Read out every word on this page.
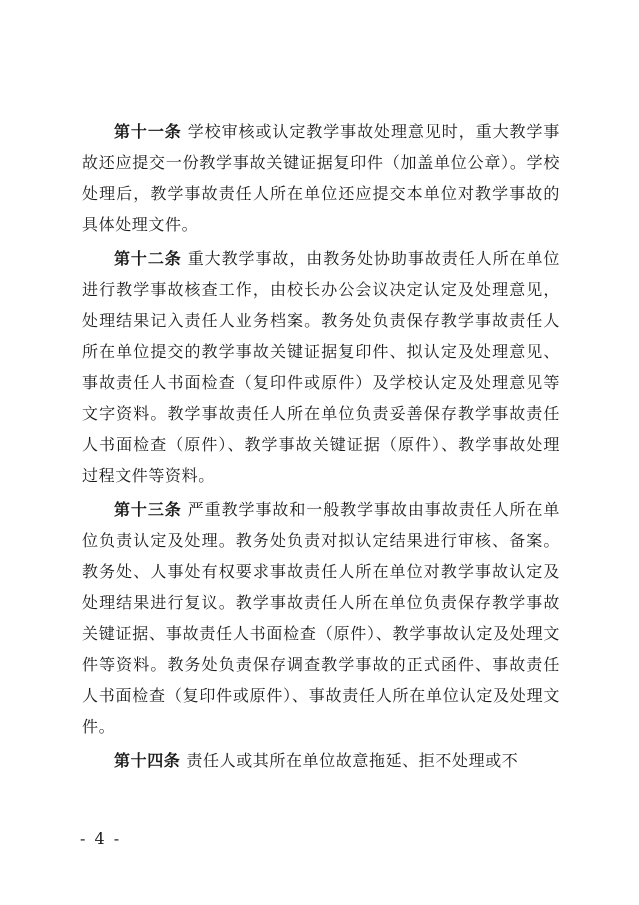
第十一条 学校审核或认定教学事故处理意见时，重大教学事故还应提交一份教学事故关键证据复印件（加盖单位公章）。学校处理后，教学事故责任人所在单位还应提交本单位对教学事故的具体处理文件。

第十二条 重大教学事故，由教务处协助事故责任人所在单位进行教学事故核查工作，由校长办公会议决定认定及处理意见，处理结果记入责任人业务档案。教务处负责保存教学事故责任人所在单位提交的教学事故关键证据复印件、拟认定及处理意见、事故责任人书面检查（复印件或原件）及学校认定及处理意见等文字资料。教学事故责任人所在单位负责妥善保存教学事故责任人书面检查（原件）、教学事故关键证据（原件）、教学事故处理过程文件等资料。

第十三条 严重教学事故和一般教学事故由事故责任人所在单位负责认定及处理。教务处负责对拟认定结果进行审核、备案。教务处、人事处有权要求事故责任人所在单位对教学事故认定及处理结果进行复议。教学事故责任人所在单位负责保存教学事故关键证据、事故责任人书面检查（原件）、教学事故认定及处理文件等资料。教务处负责保存调查教学事故的正式函件、事故责任人书面检查（复印件或原件）、事故责任人所在单位认定及处理文件。

第十四条 责任人或其所在单位故意拖延、拒不处理或不

- 4 -
